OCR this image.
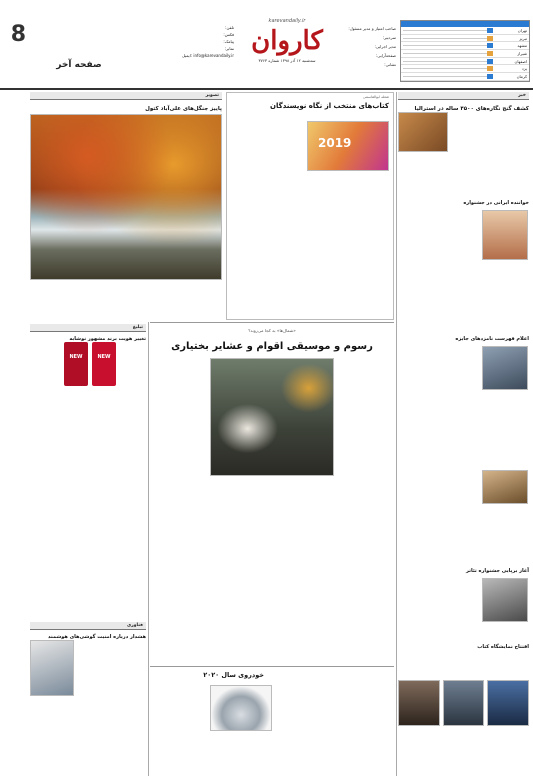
8
صفحه آخر
تلفن:
فکس:
پیامک:
نمابر:
ایمیل: info@karevandaily.ir
karevandaily.ir
کاروان
سه‌شنبه ۱۲ آذر ۱۳۹۸ شماره ۳۷۶۳
صاحب امتیاز و مدیر مسئول:
سردبیر:
مدیر اجرایی:
صفحه‌آرایی:
نشانی:
تهران
تبریز
مشهد
شیراز
اصفهان
یزد
کرمان
خبر
کشف گنج نگاره‌های ۴۵۰۰ ساله در استرالیا
خواننده ایرانی در جشنواره
اعلام فهرست نامزدهای جایزه
آغاز برپایی جشنواره تئاتر
افتتاح نمایشگاه کتاب
شعله ابوالقاسمی
کتاب‌های منتخب از نگاه نویسندگان
2019
تصویر
پاییز جنگل‌های علی‌آباد کتول
«شمال‌ها» به کجا می‌روند؟
رسوم و موسیقی اقوام و عشایر بختیاری
تبلیغ
تغییر هویت برند مشهور نوشابه
NEW
NEW
فناوری
هشدار درباره امنیت گوشی‌های هوشمند
خودروی سال ۲۰۲۰
